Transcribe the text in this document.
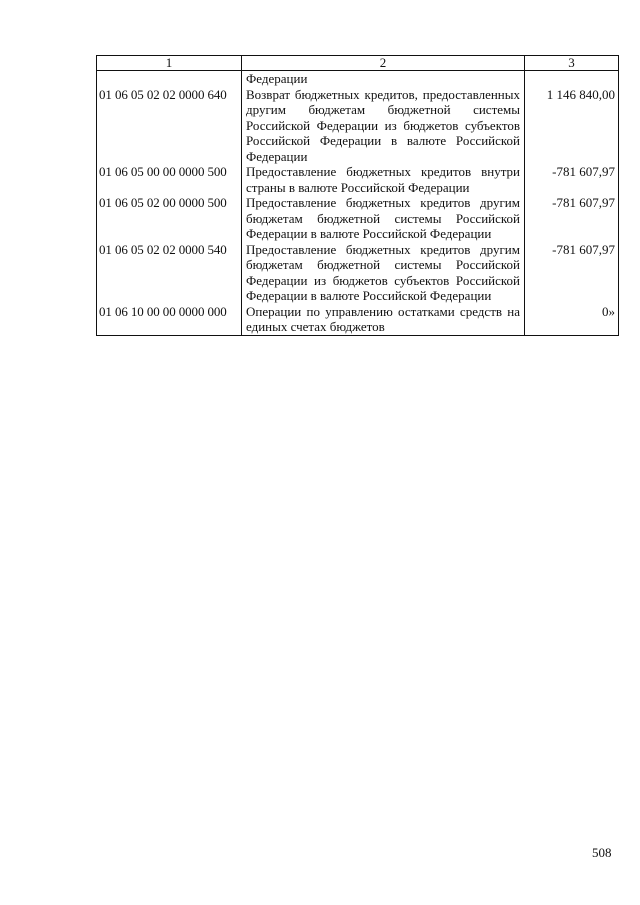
1	2	3
	Федерации	
01 06 05 02 02 0000 640	Возврат бюджетных кредитов, предоставленных другим бюджетам бюджетной системы Российской Федерации из бюджетов субъектов Российской Федерации в валюте Российской Федерации	1 146 840,00
01 06 05 00 00 0000 500	Предоставление бюджетных кредитов внутри страны в валюте Российской Федерации	-781 607,97
01 06 05 02 00 0000 500	Предоставление бюджетных кредитов другим бюджетам бюджетной системы Российской Федерации в валюте Российской Федерации	-781 607,97
01 06 05 02 02 0000 540	Предоставление бюджетных кредитов другим бюджетам бюджетной системы Российской Федерации из бюджетов субъектов Российской Федерации в валюте Российской Федерации	-781 607,97
01 06 10 00 00 0000 000	Операции по управлению остатками средств на единых счетах бюджетов	0»
508
